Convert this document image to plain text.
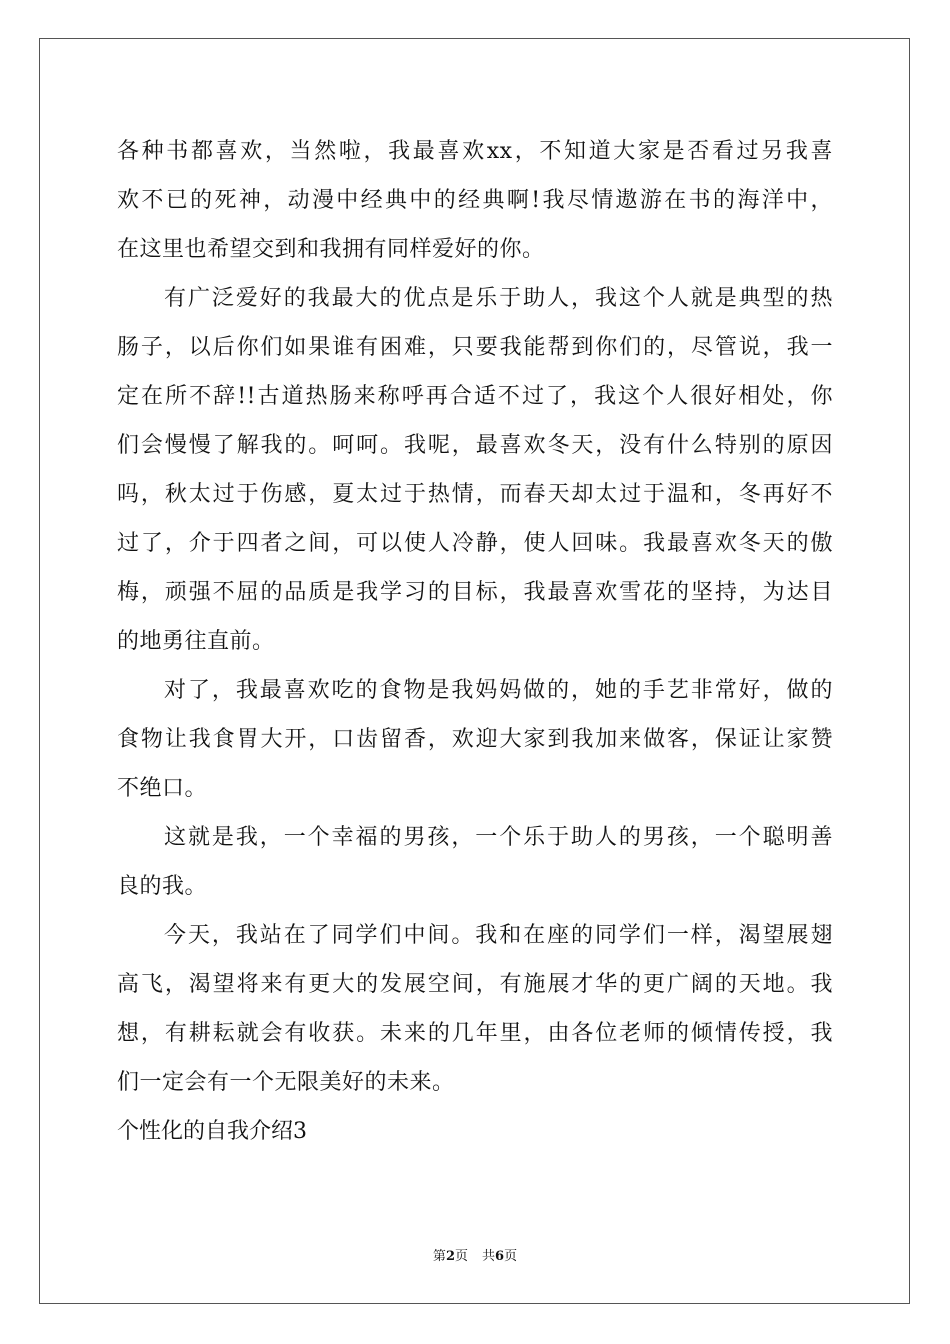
各种书都喜欢，当然啦，我最喜欢xx，不知道大家是否看过另我喜
欢不已的死神，动漫中经典中的经典啊!我尽情遨游在书的海洋中，
在这里也希望交到和我拥有同样爱好的你。
有广泛爱好的我最大的优点是乐于助人，我这个人就是典型的热
肠子，以后你们如果谁有困难，只要我能帮到你们的，尽管说，我一
定在所不辞!!古道热肠来称呼再合适不过了，我这个人很好相处，你
们会慢慢了解我的。呵呵。我呢，最喜欢冬天，没有什么特别的原因
吗，秋太过于伤感，夏太过于热情，而春天却太过于温和，冬再好不
过了，介于四者之间，可以使人冷静，使人回味。我最喜欢冬天的傲
梅，顽强不屈的品质是我学习的目标，我最喜欢雪花的坚持，为达目
的地勇往直前。
对了，我最喜欢吃的食物是我妈妈做的，她的手艺非常好，做的
食物让我食胃大开，口齿留香，欢迎大家到我加来做客，保证让家赞
不绝口。
这就是我，一个幸福的男孩，一个乐于助人的男孩，一个聪明善
良的我。
今天，我站在了同学们中间。我和在座的同学们一样，渴望展翅
高飞，渴望将来有更大的发展空间，有施展才华的更广阔的天地。我
想，有耕耘就会有收获。未来的几年里，由各位老师的倾情传授，我
们一定会有一个无限美好的未来。
个性化的自我介绍3
第2页 共6页
